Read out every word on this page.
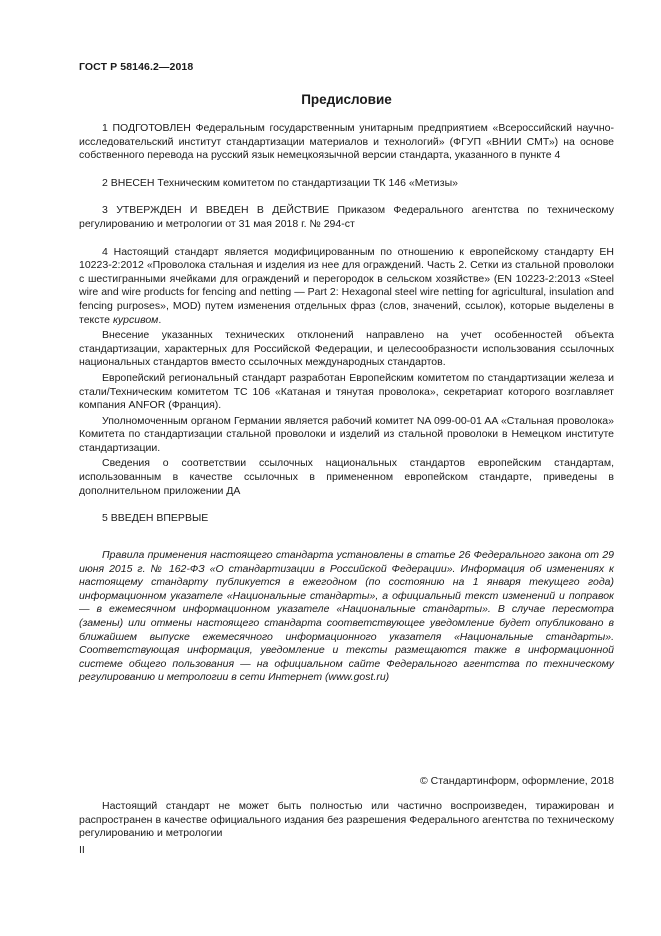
ГОСТ Р 58146.2—2018
Предисловие

1 ПОДГОТОВЛЕН Федеральным государственным унитарным предприятием «Всероссийский научно-исследовательский институт стандартизации материалов и технологий» (ФГУП «ВНИИ СМТ») на основе собственного перевода на русский язык немецкоязычной версии стандарта, указанного в пункте 4

2 ВНЕСЕН Техническим комитетом по стандартизации ТК 146 «Метизы»

3 УТВЕРЖДЕН И ВВЕДЕН В ДЕЙСТВИЕ Приказом Федерального агентства по техническому регулированию и метрологии от 31 мая 2018 г. № 294-ст

4 Настоящий стандарт является модифицированным по отношению к европейскому стандарту ЕН 10223-2:2012 «Проволока стальная и изделия из нее для ограждений. Часть 2. Сетки из стальной проволоки с шестигранными ячейками для ограждений и перегородок в сельском хозяйстве» (EN 10223-2:2013 «Steel wire and wire products for fencing and netting — Part 2: Hexagonal steel wire netting for agricultural, insulation and fencing purposes», MOD) путем изменения отдельных фраз (слов, значений, ссылок), которые выделены в тексте курсивом.

Внесение указанных технических отклонений направлено на учет особенностей объекта стандартизации, характерных для Российской Федерации, и целесообразности использования ссылочных национальных стандартов вместо ссылочных международных стандартов.

Европейский региональный стандарт разработан Европейским комитетом по стандартизации железа и стали/Техническим комитетом ТС 106 «Катаная и тянутая проволока», секретариат которого возглавляет компания ANFOR (Франция).

Уполномоченным органом Германии является рабочий комитет NA 099-00-01 AA «Стальная проволока» Комитета по стандартизации стальной проволоки и изделий из стальной проволоки в Немецком институте стандартизации.

Сведения о соответствии ссылочных национальных стандартов европейским стандартам, использованным в качестве ссылочных в примененном европейском стандарте, приведены в дополнительном приложении ДА

5 ВВЕДЕН ВПЕРВЫЕ

Правила применения настоящего стандарта установлены в статье 26 Федерального закона от 29 июня 2015 г. № 162-ФЗ «О стандартизации в Российской Федерации». Информация об изменениях к настоящему стандарту публикуется в ежегодном (по состоянию на 1 января текущего года) информационном указателе «Национальные стандарты», а официальный текст изменений и поправок — в ежемесячном информационном указателе «Национальные стандарты». В случае пересмотра (замены) или отмены настоящего стандарта соответствующее уведомление будет опубликовано в ближайшем выпуске ежемесячного информационного указателя «Национальные стандарты». Соответствующая информация, уведомление и тексты размещаются также в информационной системе общего пользования — на официальном сайте Федерального агентства по техническому регулированию и метрологии в сети Интернет (www.gost.ru)

© Стандартинформ, оформление, 2018

Настоящий стандарт не может быть полностью или частично воспроизведен, тиражирован и распространен в качестве официального издания без разрешения Федерального агентства по техническому регулированию и метрологии

II
